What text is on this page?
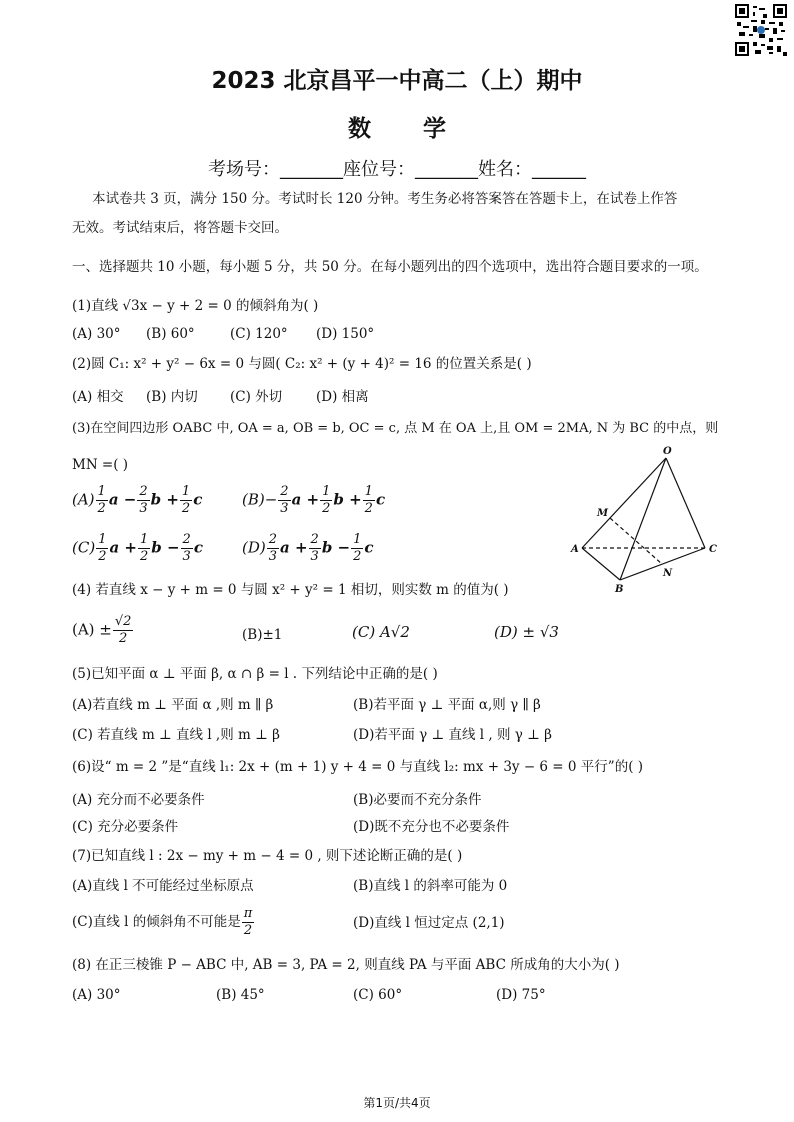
2023 北京昌平一中高二（上）期中
数 学
考场号：_______座位号：_______姓名：______
本试卷共 3 页，满分 150 分。考试时长 120 分钟。考生务必将答案答在答题卡上，在试卷上作答
无效。考试结束后，将答题卡交回。
一、选择题共 10 小题，每小题 5 分，共 50 分。在每小题列出的四个选项中，选出符合题目要求的一项。
(1)直线 √3x − y + 2 = 0 的倾斜角为( )
(A) 30° (B) 60°	(C) 120° (D) 150°
(2)圆 C₁: x² + y² − 6x = 0 与圆( C₂: x² + (y + 4)² = 16 的位置关系是( )
(A) 相交 (B) 内切 (C) 外切	(D) 相离
(3)在空间四边形 OABC 中, OA = a, OB = b, OC = c, 点 M 在 OA 上,且 OM = 2MA, N 为 BC 的中点，则
MN =( )
$(A) \frac{1}{2}$ $a - \frac{2}{3}$ $b + \frac{1}{2}$ c	$(B)- \frac{2}{3}$ $a + \frac{1}{2}$ $b + \frac{1}{2}$ c
$(C) \frac{1}{2}$ $a + \frac{1}{2}$ $b - \frac{2}{3}$ c	$(D) \frac{2}{3}$ $a + \frac{2}{3}$ $b - \frac{1}{2}$ c
O
M
A	C
B
N
(4) 若直线 x − y + m = 0 与圆 x² + y² = 1 相切，则实数 m 的值为( )
$(A) \pm \frac{√2}{2}$	(B)±1	(C) A√2	(D) ± √3
(5)已知平面 α ⊥ 平面 β, α ∩ β = l . 下列结论中正确的是( )
(A)若直线 m ⊥ 平面 α ,则 m ∥ β	(B)若平面 γ ⊥ 平面 α,则 γ ∥ β
(C) 若直线 m ⊥ 直线 l ,则 m ⊥ β	(D)若平面 γ ⊥ 直线 l , 则 γ ⊥ β
(6)设“ m = 2 ”是“直线 l₁: 2x + (m + 1) y + 4 = 0 与直线 l₂: mx + 3y − 6 = 0 平行”的( )
(A) 充分而不必要条件	(B)必要而不充分条件
(C) 充分必要条件	(D)既不充分也不必要条件
(7)已知直线 l : 2x − my + m − 4 = 0 , 则下述论断正确的是( )
(A)直线 l 不可能经过坐标原点	(B)直线 l 的斜率可能为 0
(C)直线 l 的倾斜角不可能是 $\frac{\pi}{2}$	(D)直线 l 恒过定点 (2,1)
(8) 在正三棱锥 P − ABC 中, AB = 3, PA = 2, 则直线 PA 与平面 ABC 所成角的大小为( )
(A) 30°	(B) 45°	(C) 60°	(D) 75°
第1页/共4页
